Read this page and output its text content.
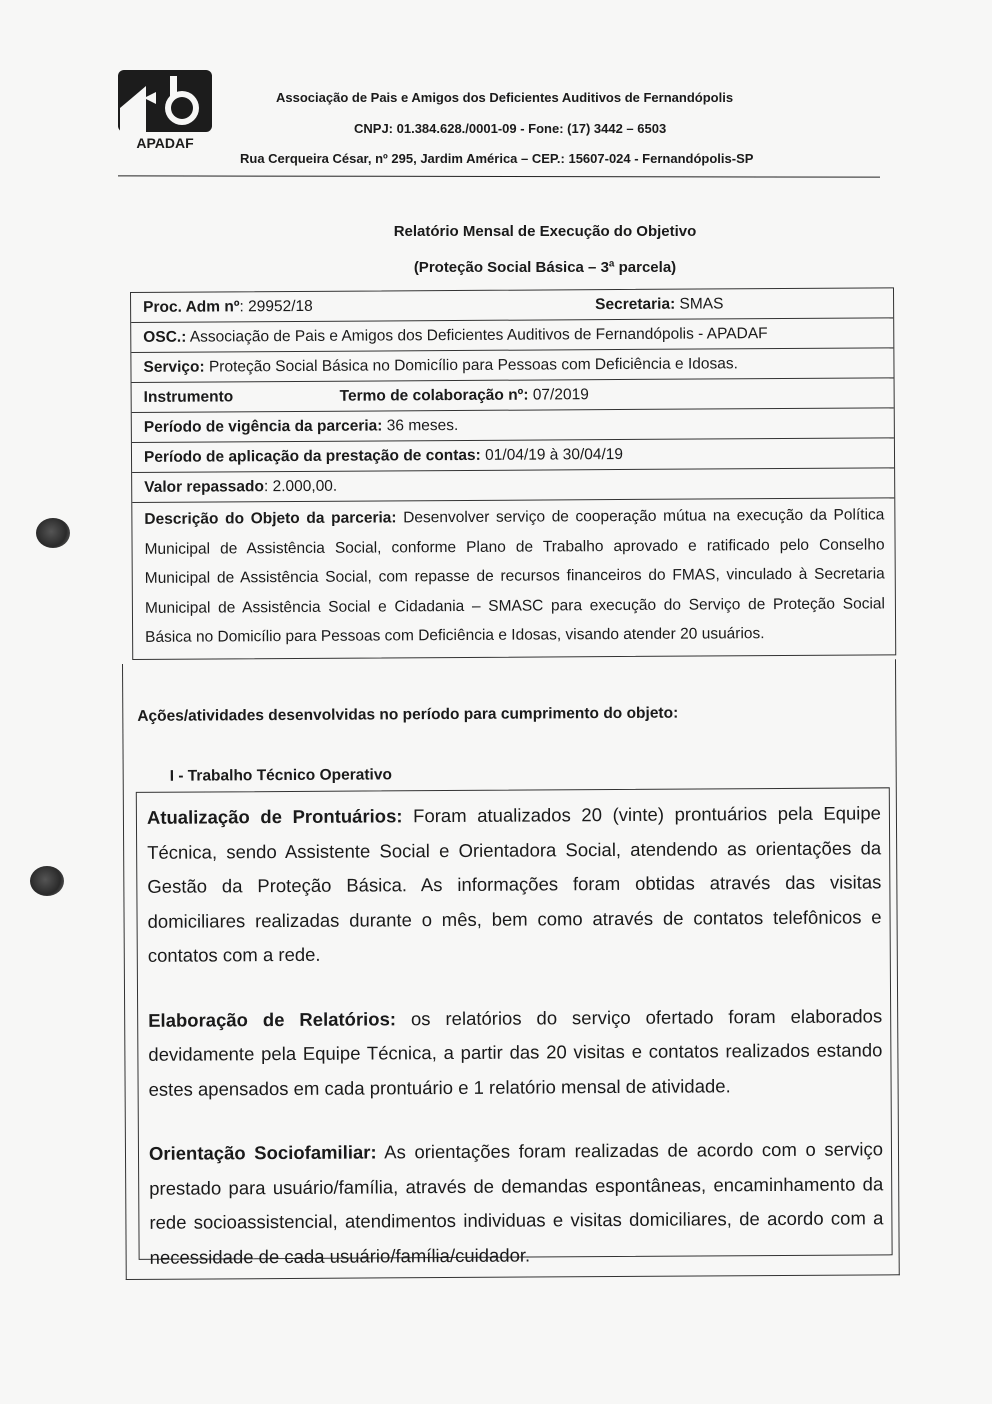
APADAF
Associação de Pais e Amigos dos Deficientes Auditivos de Fernandópolis
CNPJ: 01.384.628./0001-09 - Fone: (17) 3442 – 6503
Rua Cerqueira César, nº 295, Jardim América – CEP.: 15607-024 - Fernandópolis-SP
Relatório Mensal de Execução do Objetivo
(Proteção Social Básica – 3ª parcela)
Proc. Adm nº: 29952/18	Secretaria: SMAS
OSC.: Associação de Pais e Amigos dos Deficientes Auditivos de Fernandópolis - APADAF
Serviço: Proteção Social Básica no Domicílio para Pessoas com Deficiência e Idosas.
Instrumento	Termo de colaboração nº: 07/2019
Período de vigência da parceria: 36 meses.
Período de aplicação da prestação de contas: 01/04/19 à 30/04/19
Valor repassado: 2.000,00.
Descrição do Objeto da parceria: Desenvolver serviço de cooperação mútua na execução da Política Municipal de Assistência Social, conforme Plano de Trabalho aprovado e ratificado pelo Conselho Municipal de Assistência Social, com repasse de recursos financeiros do FMAS, vinculado à Secretaria Municipal de Assistência Social e Cidadania – SMASC para execução do Serviço de Proteção Social Básica no Domicílio para Pessoas com Deficiência e Idosas, visando atender 20 usuários.
Ações/atividades desenvolvidas no período para cumprimento do objeto:
I - Trabalho Técnico Operativo

Atualização de Prontuários: Foram atualizados 20 (vinte) prontuários pela Equipe Técnica, sendo Assistente Social e Orientadora Social, atendendo as orientações da Gestão da Proteção Básica. As informações foram obtidas através das visitas domiciliares realizadas durante o mês, bem como através de contatos telefônicos e contatos com a rede.

Elaboração de Relatórios: os relatórios do serviço ofertado foram elaborados devidamente pela Equipe Técnica, a partir das 20 visitas e contatos realizados estando estes apensados em cada prontuário e 1 relatório mensal de atividade.

Orientação Sociofamiliar: As orientações foram realizadas de acordo com o serviço prestado para usuário/família, através de demandas espontâneas, encaminhamento da rede socioassistencial, atendimentos individuas e visitas domiciliares, de acordo com a necessidade de cada usuário/família/cuidador.
